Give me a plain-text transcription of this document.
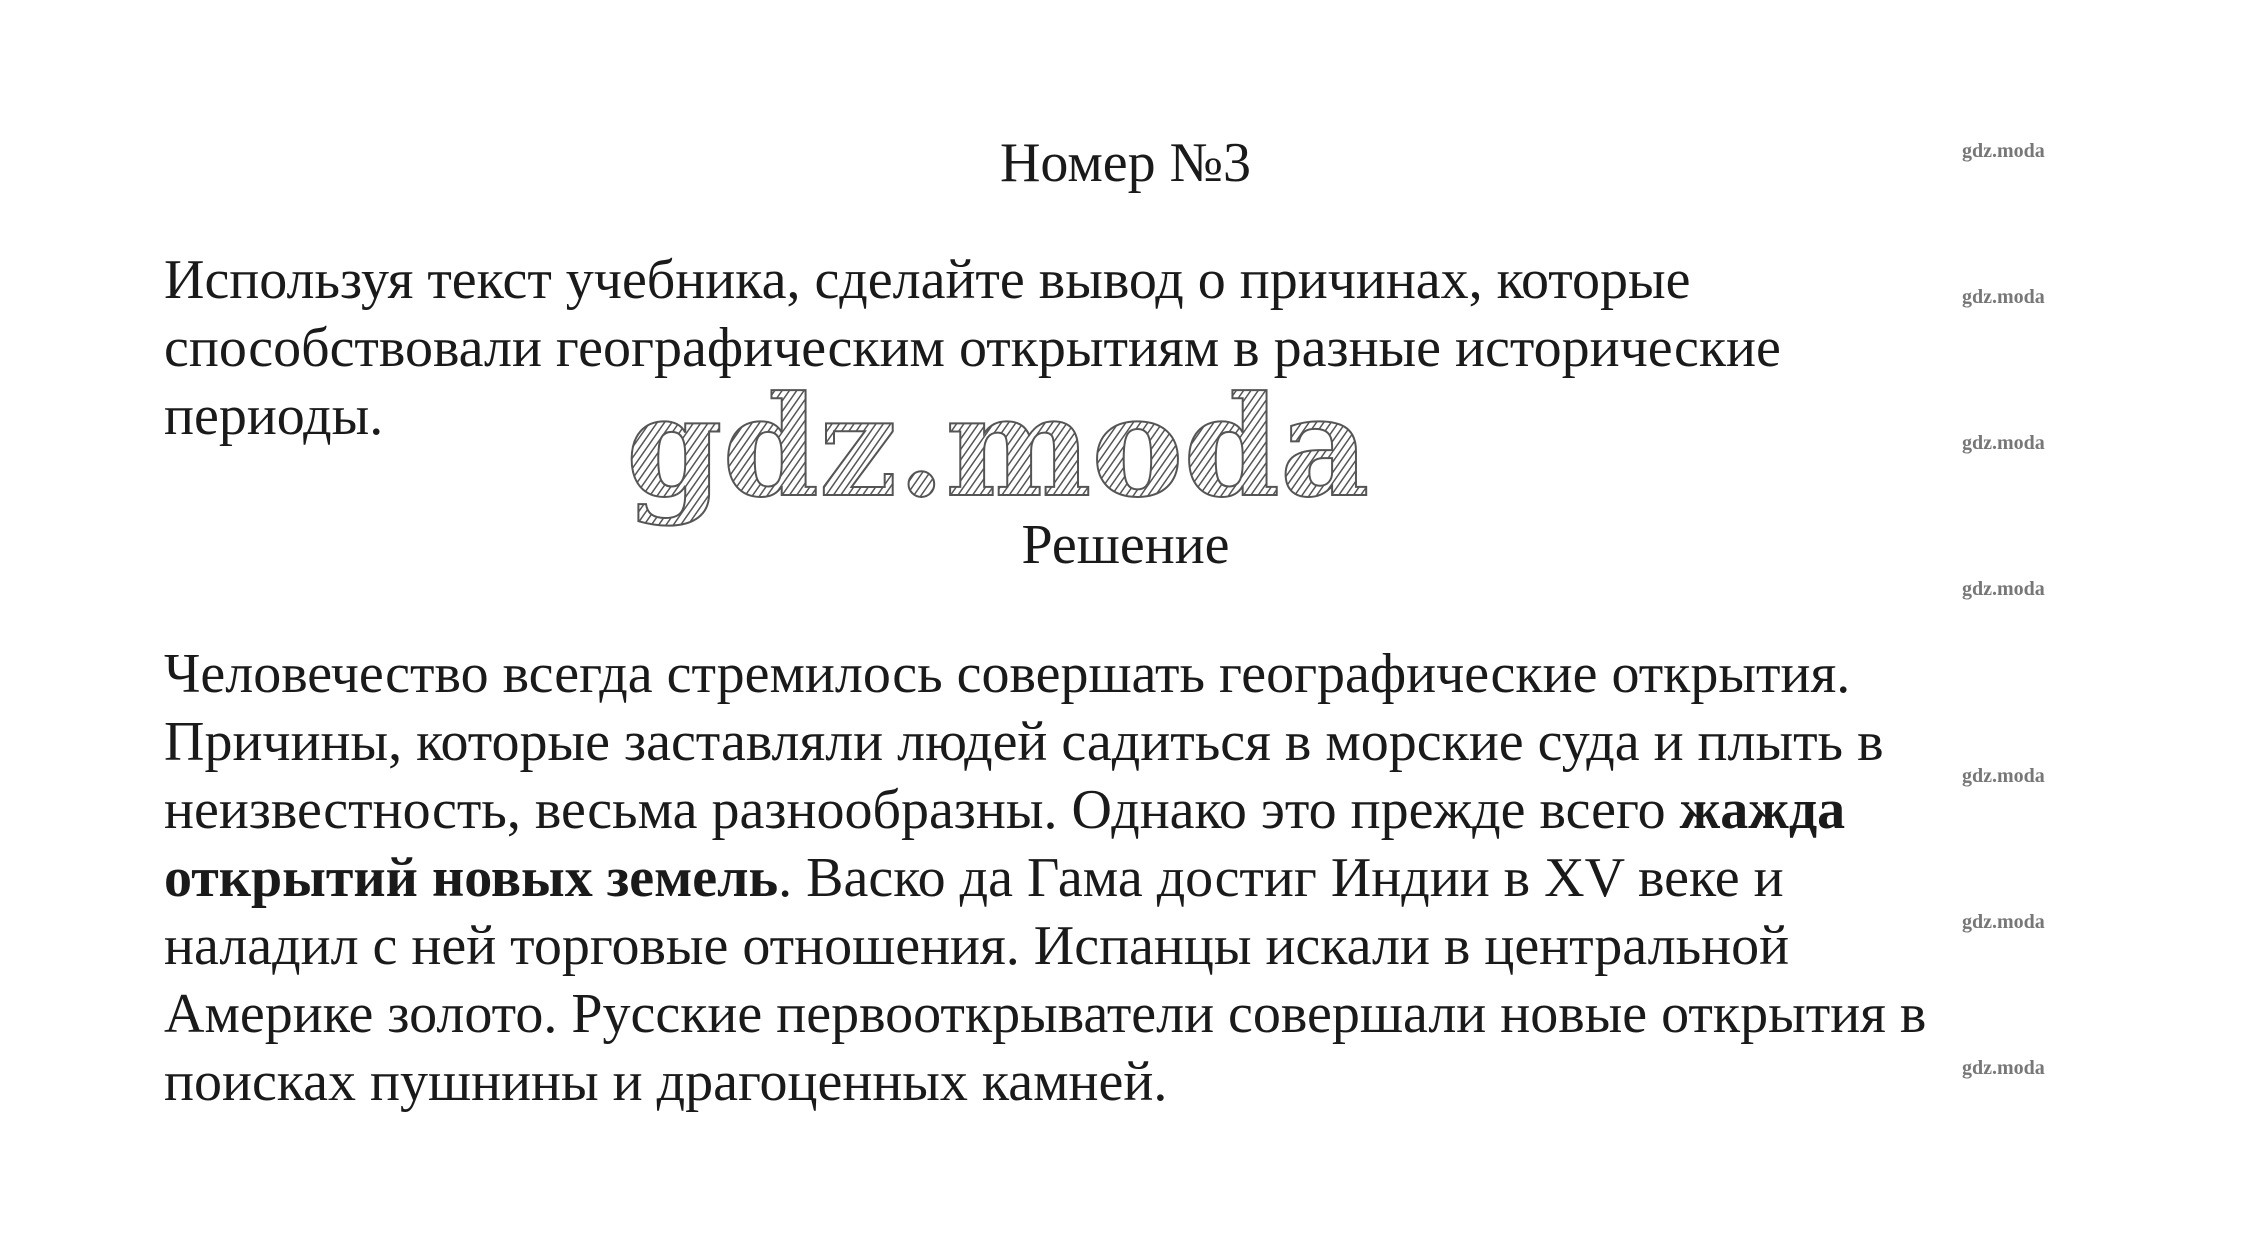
Номер №3
Используя текст учебника, сделайте вывод о причинах, которые
способствовали географическим открытиям в разные исторические
периоды.	gdz.moda
Решение
Человечество всегда стремилось совершать географические открытия.
Причины, которые заставляли людей садиться в морские суда и плыть в
неизвестность, весьма разнообразны. Однако это прежде всего жажда
открытий новых земель. Васко да Гама достиг Индии в XV веке и
наладил с ней торговые отношения. Испанцы искали в центральной
Америке золото. Русские первооткрыватели совершали новые открытия в
поисках пушнины и драгоценных камней.
gdz.moda
gdz.moda
gdz.moda
gdz.moda
gdz.moda
gdz.moda
gdz.moda
